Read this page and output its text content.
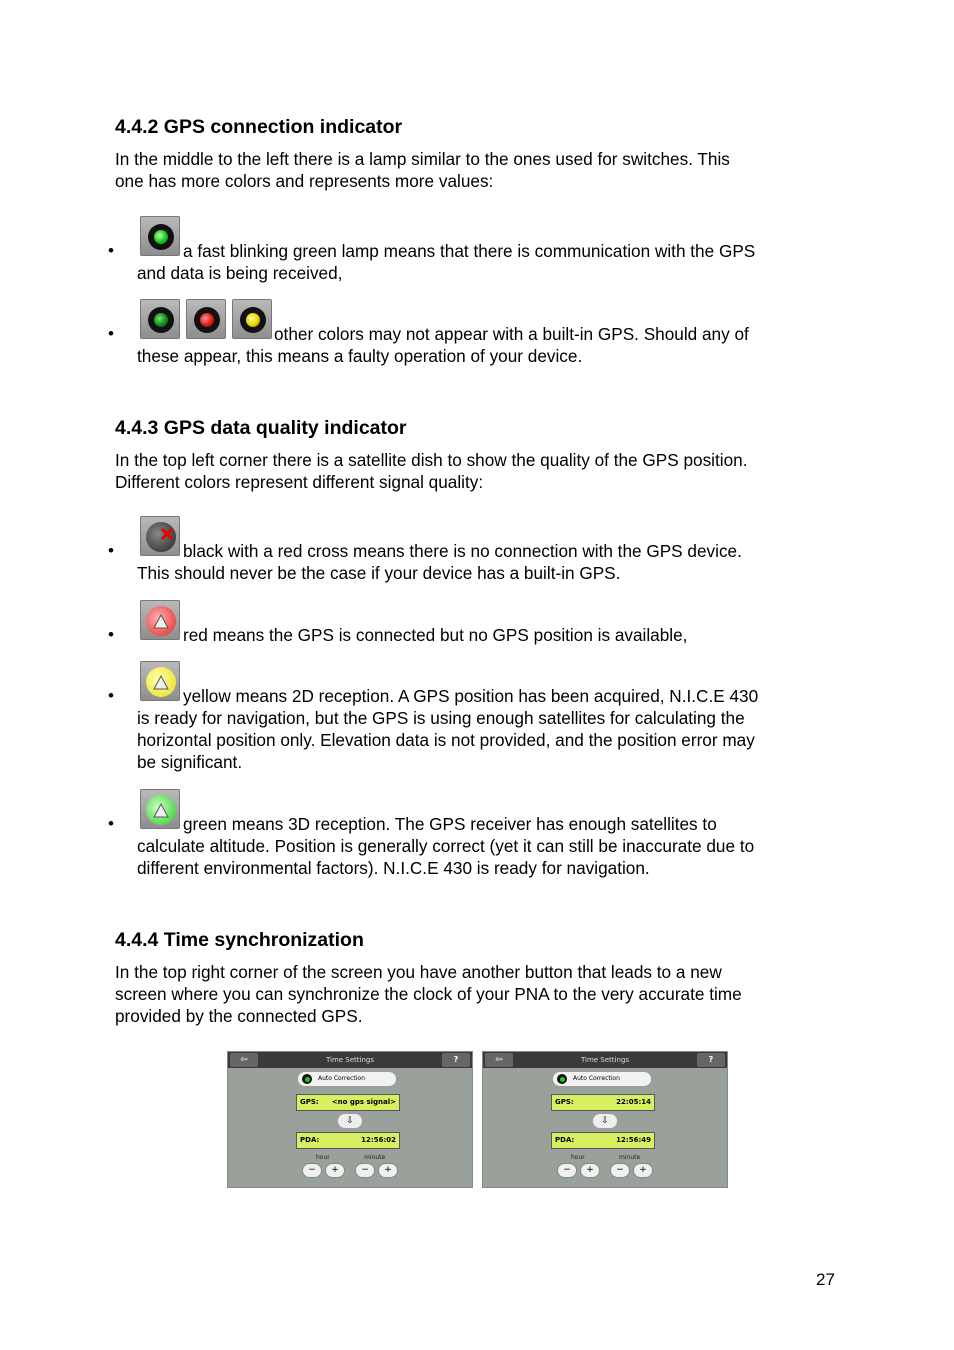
4.4.2 GPS connection indicator
In the middle to the left there is a lamp similar to the ones used for switches. This
one has more colors and represents more values:
•	a fast blinking green lamp means that there is communication with the GPS
and data is being received,
•	other colors may not appear with a built-in GPS. Should any of
these appear, this means a faulty operation of your device.
4.4.3 GPS data quality indicator
In the top left corner there is a satellite dish to show the quality of the GPS position.
Different colors represent different signal quality:
•	black with a red cross means there is no connection with the GPS device.
This should never be the case if your device has a built-in GPS.
•	red means the GPS is connected but no GPS position is available,
•	yellow means 2D reception. A GPS position has been acquired, N.I.C.E 430
is ready for navigation, but the GPS is using enough satellites for calculating the
horizontal position only. Elevation data is not provided, and the position error may
be significant.
•	green means 3D reception. The GPS receiver has enough satellites to
calculate altitude. Position is generally correct (yet it can still be inaccurate due to
different environmental factors). N.I.C.E 430 is ready for navigation.
4.4.4 Time synchronization
In the top right corner of the screen you have another button that leads to a new
screen where you can synchronize the clock of your PNA to the very accurate time
provided by the connected GPS.
Time Settings
⇦	?
Auto Correction
GPS: <no gps signal>
⇩
PDA:	12:56:02
hour	minute
−	+	−	+
Time Settings
⇦	?
Auto Correction
GPS:	22:05:14
⇩
PDA:	12:56:49
hour	minute
−	+	−	+
27
